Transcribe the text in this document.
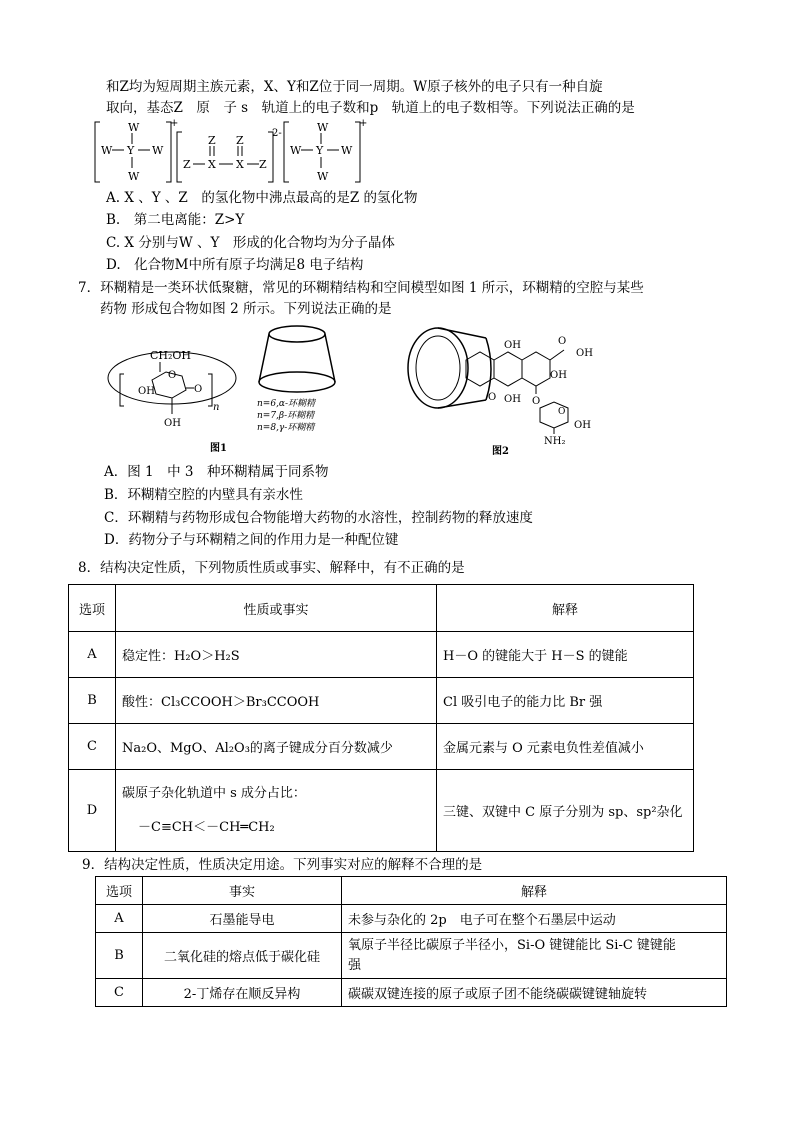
和Z均为短周期主族元素，X、Y和Z位于同一周期。W原子核外的电子只有一种自旋
取向，基态Z　原　子 s　轨道上的电子数和p　轨道上的电子数相等。下列说法正确的是
+
W
W Y W
W
2-
Z Z
Z X X Z
+
W
W Y W
W
A. X 、Y 、Z　的氢化物中沸点最高的是Z 的氢化物
B.　第二电离能：Z>Y
C. X 分别与W 、Y　形成的化合物均为分子晶体
D.　化合物M中所有原子均满足8 电子结构
7．环糊精是一类环状低聚糖，常见的环糊精结构和空间模型如图 1 所示，环糊精的空腔与某些
药物 形成包合物如图 2 所示。下列说法正确的是
CH₂OH
O
OH	O
OH
n	n=6,α-环糊精
n=7,β-环糊精
n=8,γ-环糊精
图1
OH
O OH
O
OH
OH
O
O
OH
NH₂
图2
A．图 1　中 3　种环糊精属于同系物
B．环糊精空腔的内壁具有亲水性
C．环糊精与药物形成包合物能增大药物的水溶性，控制药物的释放速度
D．药物分子与环糊精之间的作用力是一种配位键
8．结构决定性质，下列物质性质或事实、解释中，有不正确的是
选项	性质或事实	解释
A	稳定性：H₂O＞H₂S	H－O 的键能大于 H－S 的键能
B	酸性：Cl₃CCOOH＞Br₃CCOOH	Cl 吸引电子的能力比 Br 强
C	Na₂O、MgO、Al₂O₃的离子键成分百分数减少	金属元素与 O 元素电负性差值减小
D	碳原子杂化轨道中 s 成分占比：
－C≡CH＜－CH═CH₂	三键、双键中 C 原子分别为 sp、sp²杂化
9．结构决定性质，性质决定用途。下列事实对应的解释不合理的是
选项	事实	解释
A	石墨能导电	未参与杂化的 2p　电子可在整个石墨层中运动
B	二氧化硅的熔点低于碳化硅	氧原子半径比碳原子半径小，Si-O 键键能比 Si-C 键键能
强

C	2-丁烯存在顺反异构	碳碳双键连接的原子或原子团不能绕碳碳键键轴旋转
